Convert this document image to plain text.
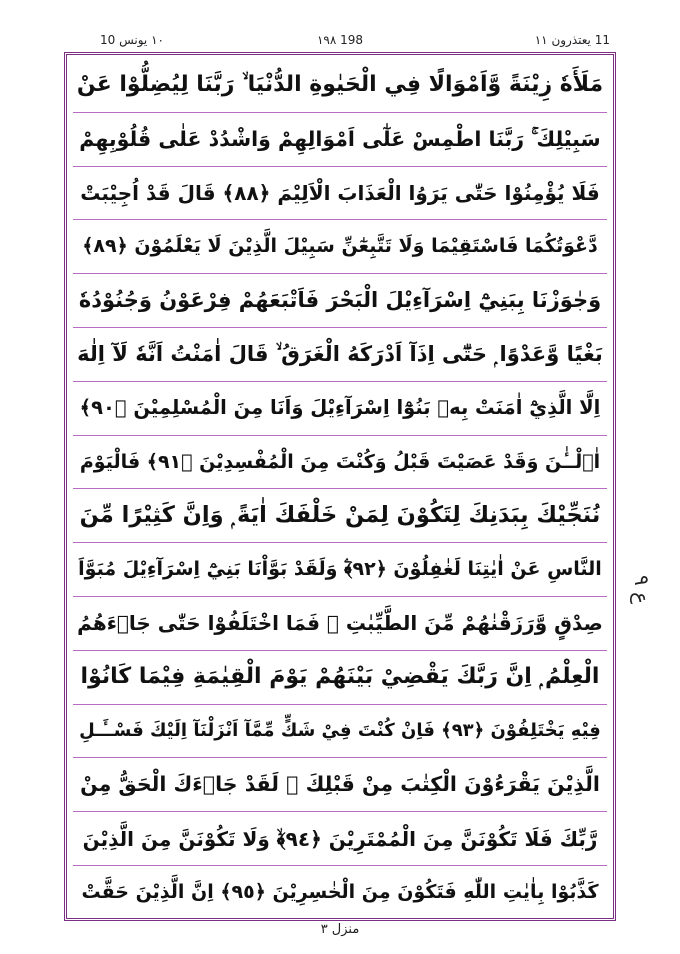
١٠ يونس 10	١٩٨ 198	11 يعتذرون ١١
مَلَأَهٗ زِيْنَةً وَّاَمْوَالًا فِي الْحَيٰوةِ الدُّنْيَا ۙ رَبَّنَا لِيُضِلُّوْا عَنْ
سَبِيْلِكَ ۚ رَبَّنَا اطْمِسْ عَلٰٓى اَمْوَالِهِمْ وَاشْدُدْ عَلٰى قُلُوْبِهِمْ
فَلَا يُؤْمِنُوْا حَتّٰى يَرَوُا الْعَذَابَ الْاَلِيْمَ ﴿٨٨﴾ قَالَ قَدْ اُجِيْبَتْ
دَّعْوَتُكُمَا فَاسْتَقِيْمَا وَلَا تَتَّبِعٰٓنِّ سَبِيْلَ الَّذِيْنَ لَا يَعْلَمُوْنَ ﴿٨٩﴾
وَجٰوَزْنَا بِبَنِيْٓ اِسْرَآءِيْلَ الْبَحْرَ فَاَتْبَعَهُمْ فِرْعَوْنُ وَجُنُوْدُهٗ
بَغْيًا وَّعَدْوًا ۭ حَتّٰٓى اِذَآ اَدْرَكَهُ الْغَرَقُ ۙ قَالَ اٰمَنْتُ اَنَّهٗ لَآ اِلٰهَ
اِلَّا الَّذِيْٓ اٰمَنَتْ بِهٖ بَنُوْٓا اِسْرَآءِيْلَ وَاَنَا مِنَ الْمُسْلِمِيْنَ ﴿٩٠﴾
اٰۗلْــٰٔنَ وَقَدْ عَصَيْتَ قَبْلُ وَكُنْتَ مِنَ الْمُفْسِدِيْنَ ﴿٩١﴾ فَالْيَوْمَ
نُنَجِّيْكَ بِبَدَنِكَ لِتَكُوْنَ لِمَنْ خَلْفَكَ اٰيَةً ۭ وَاِنَّ كَثِيْرًا مِّنَ
النَّاسِ عَنْ اٰيٰتِنَا لَغٰفِلُوْنَ ﴿٩٢﴾ۧ وَلَقَدْ بَوَّاْنَا بَنِيْٓ اِسْرَآءِيْلَ مُبَوَّاَ
صِدْقٍ وَّرَزَقْنٰھُمْ مِّنَ الطَّيِّبٰتِ ۚ فَمَا اخْتَلَفُوْا حَتّٰى جَاۗءَھُمُ
الْعِلْمُ ۭ اِنَّ رَبَّكَ يَقْضِيْ بَيْنَھُمْ يَوْمَ الْقِيٰمَةِ فِيْمَا كَانُوْا
فِيْهِ يَخْتَلِفُوْنَ ﴿٩٣﴾ فَاِنْ كُنْتَ فِيْ شَكٍّ مِّمَّآ اَنْزَلْنَآ اِلَيْكَ فَسْــَٔـلِ
الَّذِيْنَ يَقْرَءُوْنَ الْكِتٰبَ مِنْ قَبْلِكَ ۚ لَقَدْ جَاۗءَكَ الْحَقُّ مِنْ
رَّبِّكَ فَلَا تَكُوْنَنَّ مِنَ الْمُمْتَرِيْنَ ﴿٩٤﴾ۙ وَلَا تَكُوْنَنَّ مِنَ الَّذِيْنَ
كَذَّبُوْا بِاٰيٰتِ اللّٰهِ فَتَكُوْنَ مِنَ الْخٰسِرِيْنَ ﴿٩٥﴾ اِنَّ الَّذِيْنَ حَقَّتْ
ع ٩
منزل ٣
